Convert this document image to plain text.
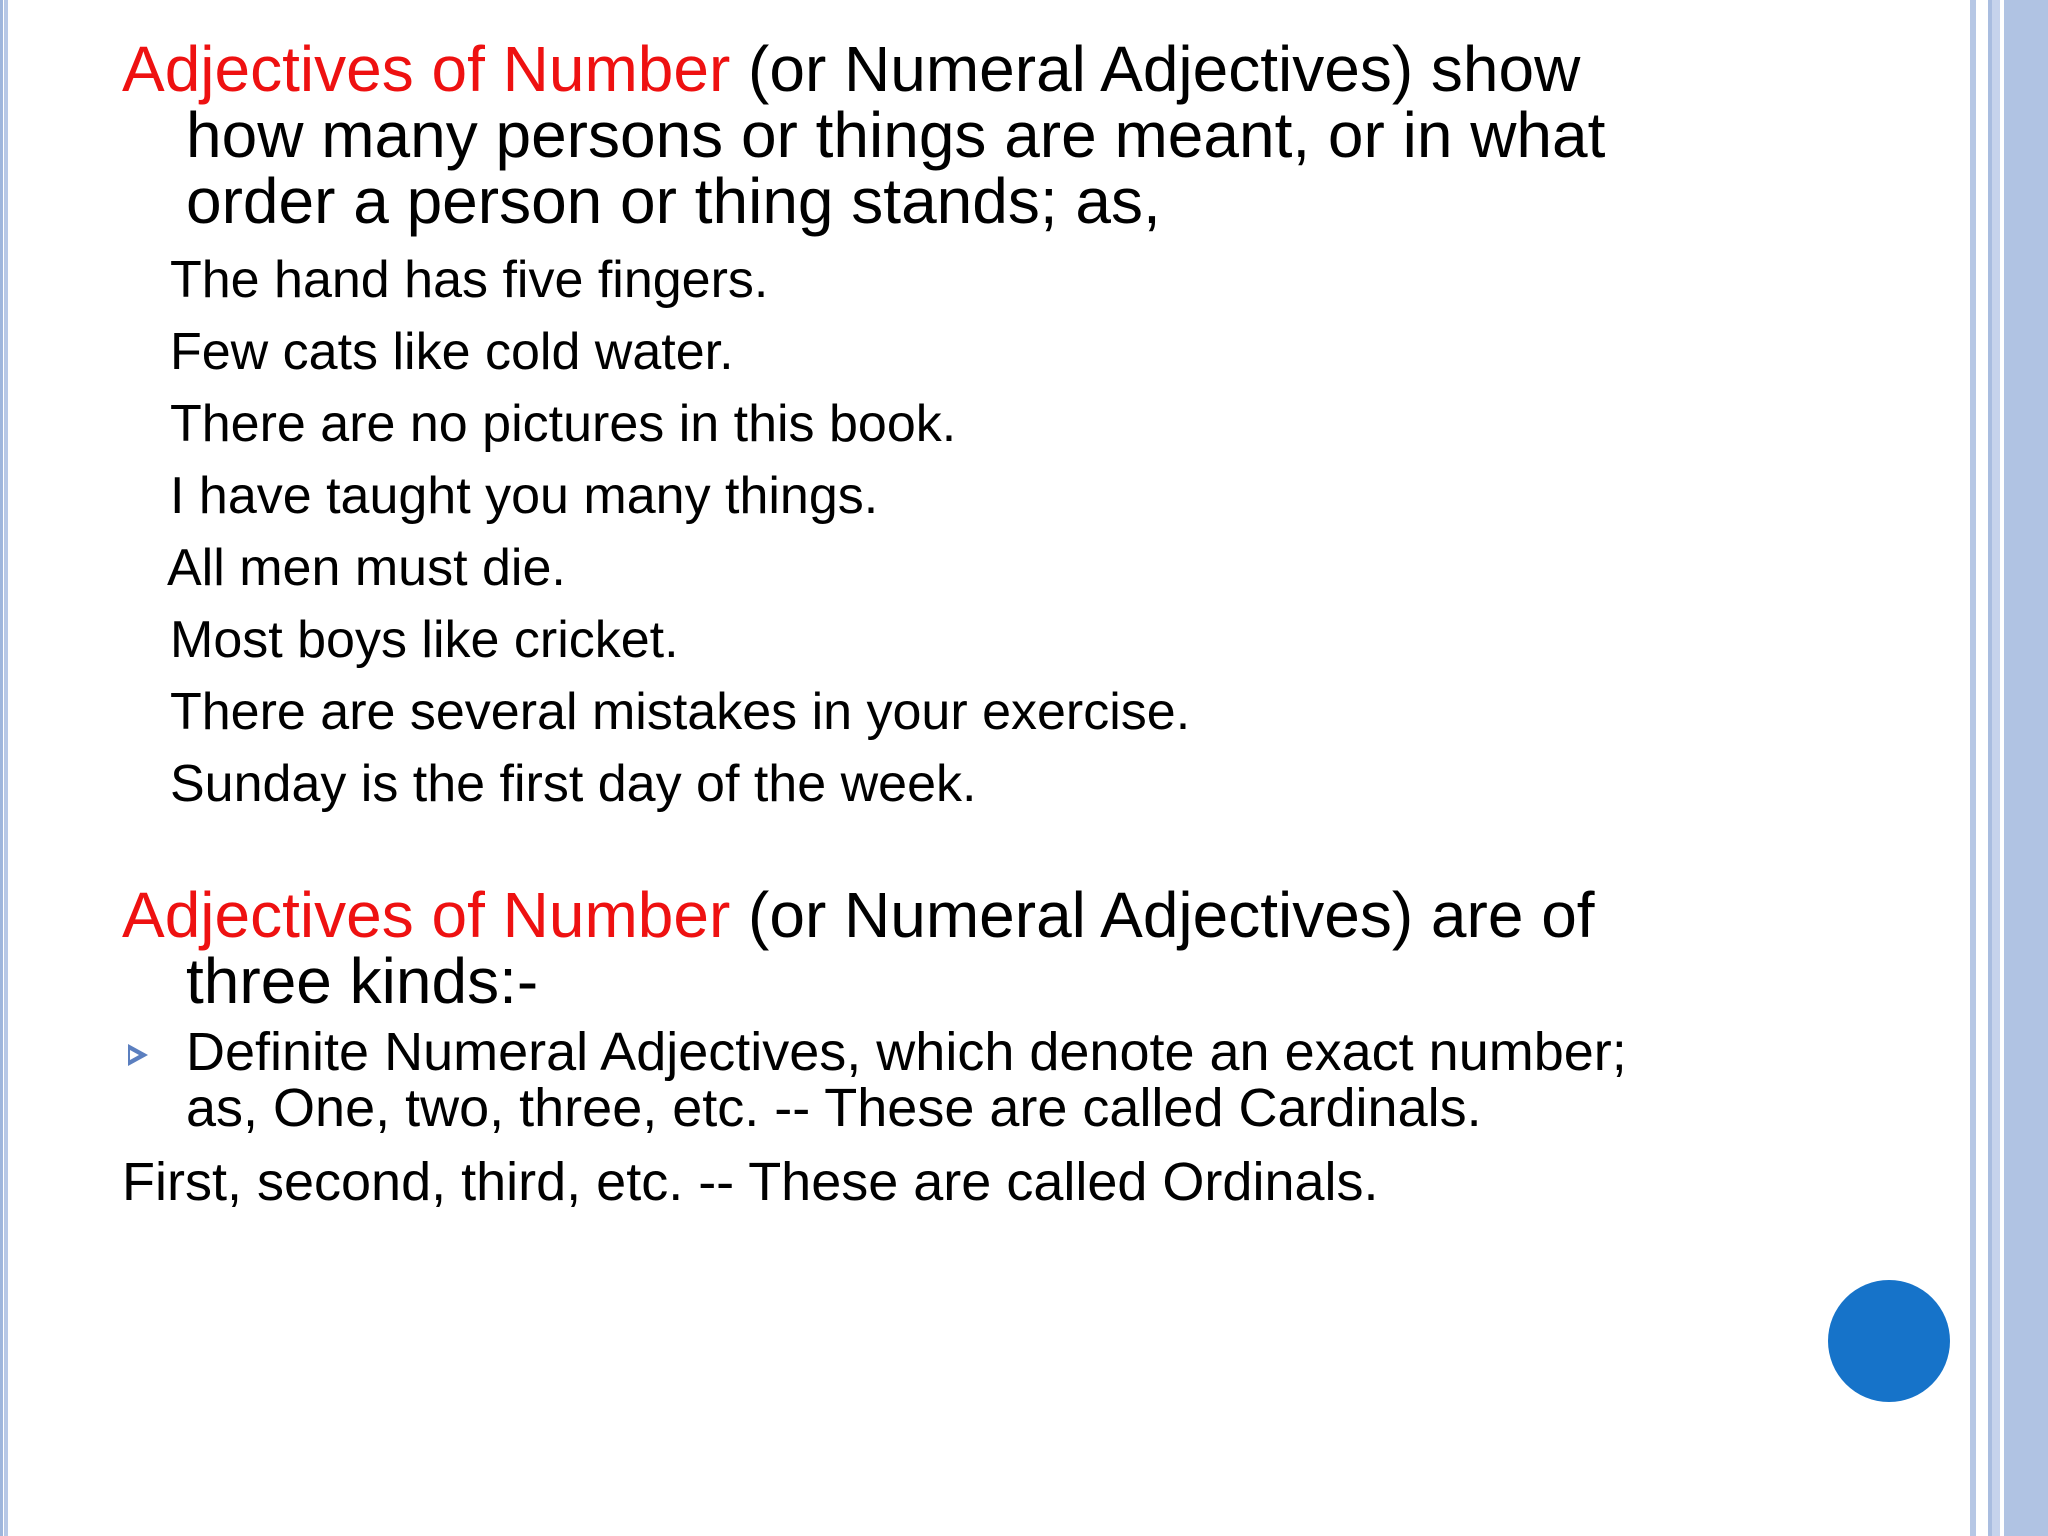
Adjectives of Number (or Numeral Adjectives) show

how many persons or things are meant, or in what

order a person or thing stands; as,

The hand has five fingers.
Few cats like cold water.
There are no pictures in this book.
I have taught you many things.
All men must die.
Most boys like cricket.
There are several mistakes in your exercise.
Sunday is the first day of the week.

Adjectives of Number (or Numeral Adjectives) are of

three kinds:-

Definite Numeral Adjectives, which denote an exact number;
as, One, two, three, etc. -- These are called Cardinals.

First, second, third, etc. -- These are called Ordinals.
